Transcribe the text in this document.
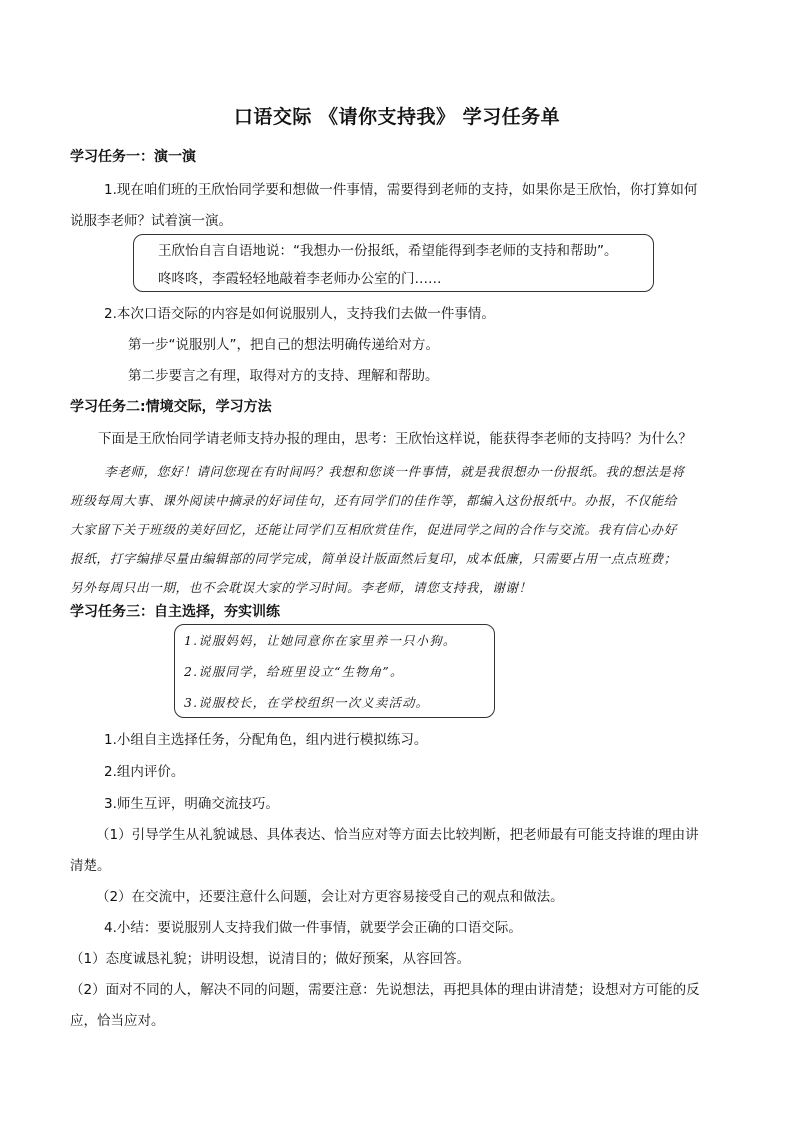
口语交际 《请你支持我》 学习任务单
学习任务一：演一演
1.现在咱们班的王欣怡同学要和想做一件事情，需要得到老师的支持，如果你是王欣怡，你打算如何
说服李老师？试着演一演。
王欣怡自言自语地说：“我想办一份报纸，希望能得到李老师的支持和帮助”。
咚咚咚，李霞轻轻地敲着李老师办公室的门……
2.本次口语交际的内容是如何说服别人，支持我们去做一件事情。
第一步“说服别人”，把自己的想法明确传递给对方。
第二步要言之有理，取得对方的支持、理解和帮助。
学习任务二:情境交际，学习方法
下面是王欣怡同学请老师支持办报的理由，思考：王欣怡这样说，能获得李老师的支持吗？为什么？
李老师，您好！请问您现在有时间吗？我想和您谈一件事情，就是我很想办一份报纸。我的想法是将
班级每周大事、课外阅读中摘录的好词佳句，还有同学们的佳作等，都编入这份报纸中。办报，不仅能给
大家留下关于班级的美好回忆，还能让同学们互相欣赏佳作，促进同学之间的合作与交流。我有信心办好
报纸，打字编排尽量由编辑部的同学完成，简单设计版面然后复印，成本低廉，只需要占用一点点班费；
另外每周只出一期，也不会耽误大家的学习时间。李老师，请您支持我，谢谢！
学习任务三：自主选择，夯实训练
1.说服妈妈，让她同意你在家里养一只小狗。
2.说服同学，给班里设立“生物角”。
3.说服校长，在学校组织一次义卖活动。
1.小组自主选择任务，分配角色，组内进行模拟练习。
2.组内评价。
3.师生互评，明确交流技巧。
（1）引导学生从礼貌诚恳、具体表达、恰当应对等方面去比较判断，把老师最有可能支持谁的理由讲
清楚。
（2）在交流中，还要注意什么问题，会让对方更容易接受自己的观点和做法。
4.小结：要说服别人支持我们做一件事情，就要学会正确的口语交际。
（1）态度诚恳礼貌；讲明设想，说清目的；做好预案，从容回答。
（2）面对不同的人，解决不同的问题，需要注意：先说想法，再把具体的理由讲清楚；设想对方可能的反
应，恰当应对。
